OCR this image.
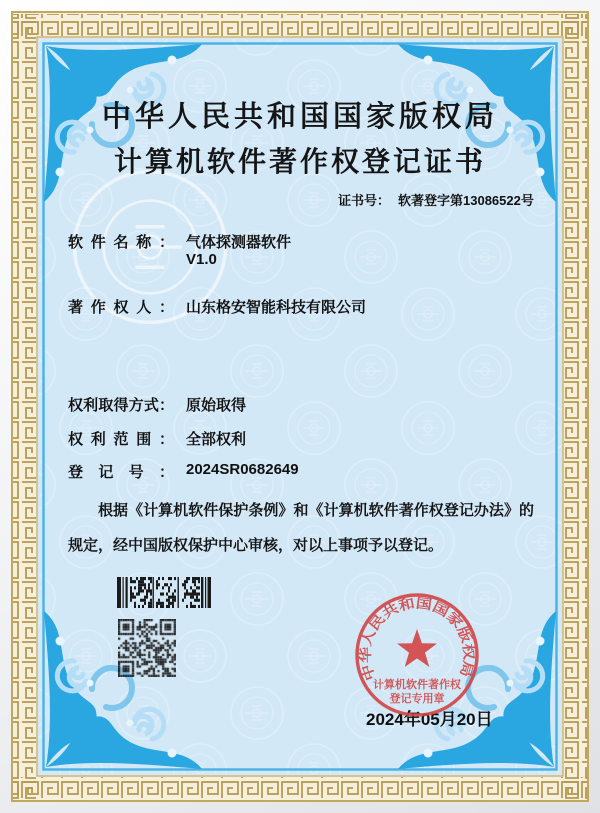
中华人民共和国国家版权局
计算机软件著作权登记证书
证书号： 软著登字第13086522号
软件名称： 气体探测器软件
V1.0
著作权人： 山东格安智能科技有限公司
权利取得方式： 原始取得
权利范围： 全部权利
登记号： 2024SR0682649
根据《计算机软件保护条例》和《计算机软件著作权登记办法》的规定，经中国版权保护中心审核，对以上事项予以登记。
2024年05月20日
中华人民共和国国家版权局
计算机软件著作权
登记专用章
